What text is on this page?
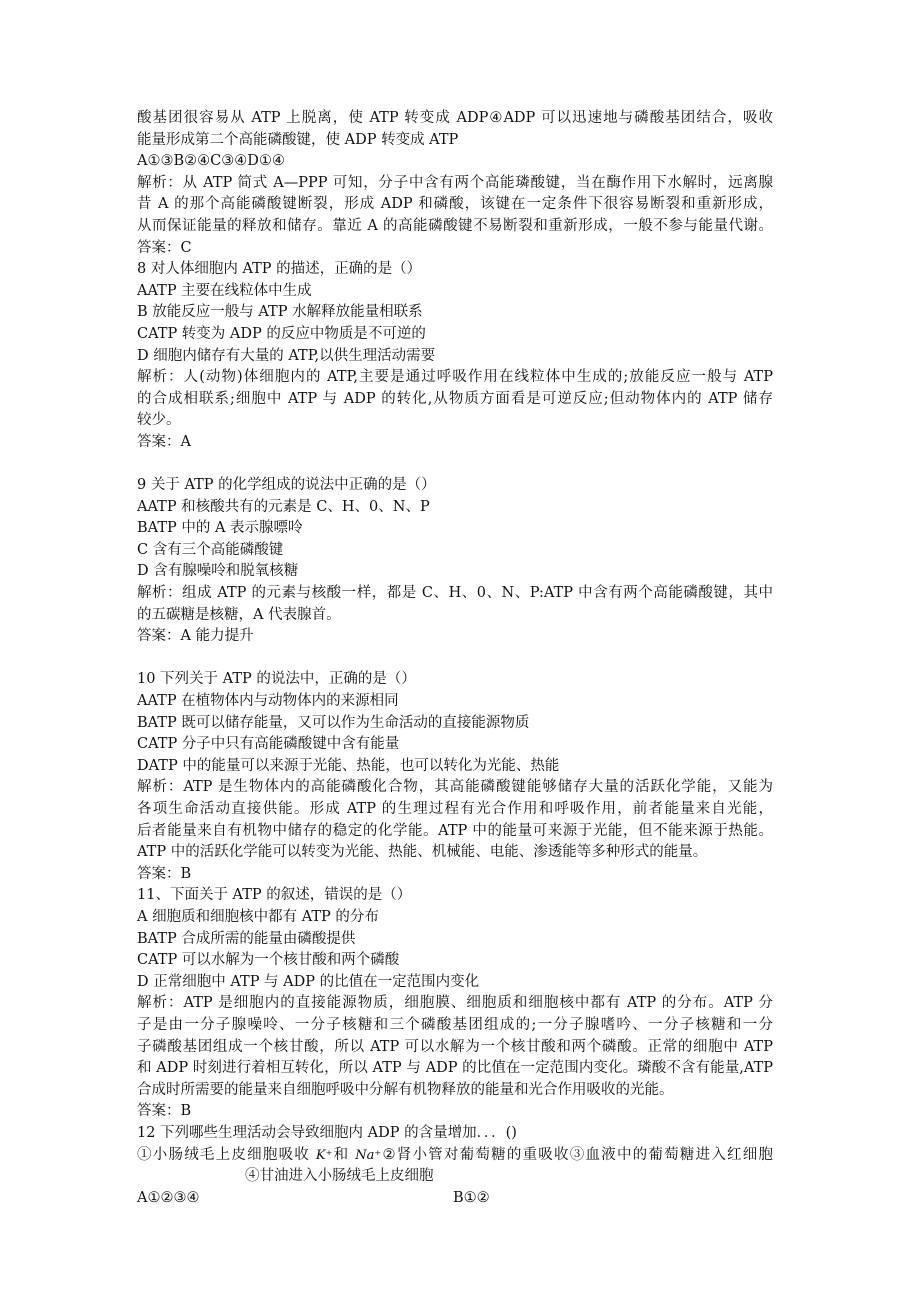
酸基团很容易从 ATP 上脱离，使 ATP 转变成 ADP④ADP 可以迅速地与磷酸基团结合，吸收

能量形成第二个高能磷酸键，使 ADP 转变成 ATP

A①③B②④C③④D①④

解析：从 ATP 简式 A—PPP 可知，分子中含有两个高能璘酸键，当在酶作用下水解时，远离腺

昔 A 的那个高能磷酸键断裂，形成 ADP 和磷酸，该键在一定条件下很容易断裂和重新形成，

从而保证能量的释放和储存。靠近 A 的高能磷酸键不易断裂和重新形成，一般不参与能量代谢。

答案：C

8 对人体细胞内 ATP 的描述，正确的是（）

AATP 主要在线粒体中生成

B 放能反应一般与 ATP 水解释放能量相联系

CATP 转变为 ADP 的反应中物质是不可逆的

D 细胞内储存有大量的 ATP,以供生理活动需要

解析：人(动物)体细胞内的 ATP,主要是通过呼吸作用在线粒体中生成的;放能反应一般与 ATP

的合成相联系;细胞中 ATP 与 ADP 的转化,从物质方面看是可逆反应;但动物体内的 ATP 储存

较少。

答案：A

9 关于 ATP 的化学组成的说法中正确的是（）

AATP 和核酸共有的元素是 C、H、0、N、P

BATP 中的 A 表示腺嘌呤

C 含有三个高能磷酸键

D 含有腺噪呤和脱氧核糖

解析：组成 ATP 的元素与核酸一样，都是 C、H、0、N、P:ATP 中含有两个高能磷酸键，其中

的五碳糖是核糖，A 代表腺首。

答案：A 能力提升

10 下列关于 ATP 的说法中，正确的是（）

AATP 在植物体内与动物体内的来源相同

BATP 既可以储存能量，又可以作为生命活动的直接能源物质

CATP 分子中只有高能磷酸键中含有能量

DATP 中的能量可以来源于光能、热能，也可以转化为光能、热能

解析：ATP 是生物体内的高能磷酸化合物，其高能磷酸键能够储存大量的活跃化学能，又能为

各项生命活动直接供能。形成 ATP 的生理过程有光合作用和呼吸作用，前者能量来自光能，

后者能量来自有机物中储存的稳定的化学能。ATP 中的能量可来源于光能，但不能来源于热能。

ATP 中的活跃化学能可以转变为光能、热能、机械能、电能、渗透能等多种形式的能量。

答案：B

11、下面关于 ATP 的叙述，错误的是（）

A 细胞质和细胞核中都有 ATP 的分布

BATP 合成所需的能量由磷酸提供

CATP 可以水解为一个核甘酸和两个磷酸

D 正常细胞中 ATP 与 ADP 的比值在一定范围内变化

解析：ATP 是细胞内的直接能源物质，细胞膜、细胞质和细胞核中都有 ATP 的分布。ATP 分

子是由一分子腺噪呤、一分子核糖和三个磷酸基团组成的;一分子腺嗜吟、一分子核糖和一分

子磷酸基团组成一个核甘酸，所以 ATP 可以水解为一个核甘酸和两个磷酸。正常的细胞中 ATP

和 ADP 时刻进行着相互转化，所以 ATP 与 ADP 的比值在一定范围内变化。璘酸不含有能量,ATP

合成时所需要的能量来自细胞呼吸中分解有机物释放的能量和光合作用吸收的光能。

答案：B

12 下列哪些生理活动会导致细胞内 ADP 的含量增加．．．()

①小肠绒毛上皮细胞吸收 K⁺和 Na⁺②肾小管对葡萄糖的重吸收③血液中的葡萄糖进入红细胞

④甘油进入小肠绒毛上皮细胞

A①②③④	B①②
